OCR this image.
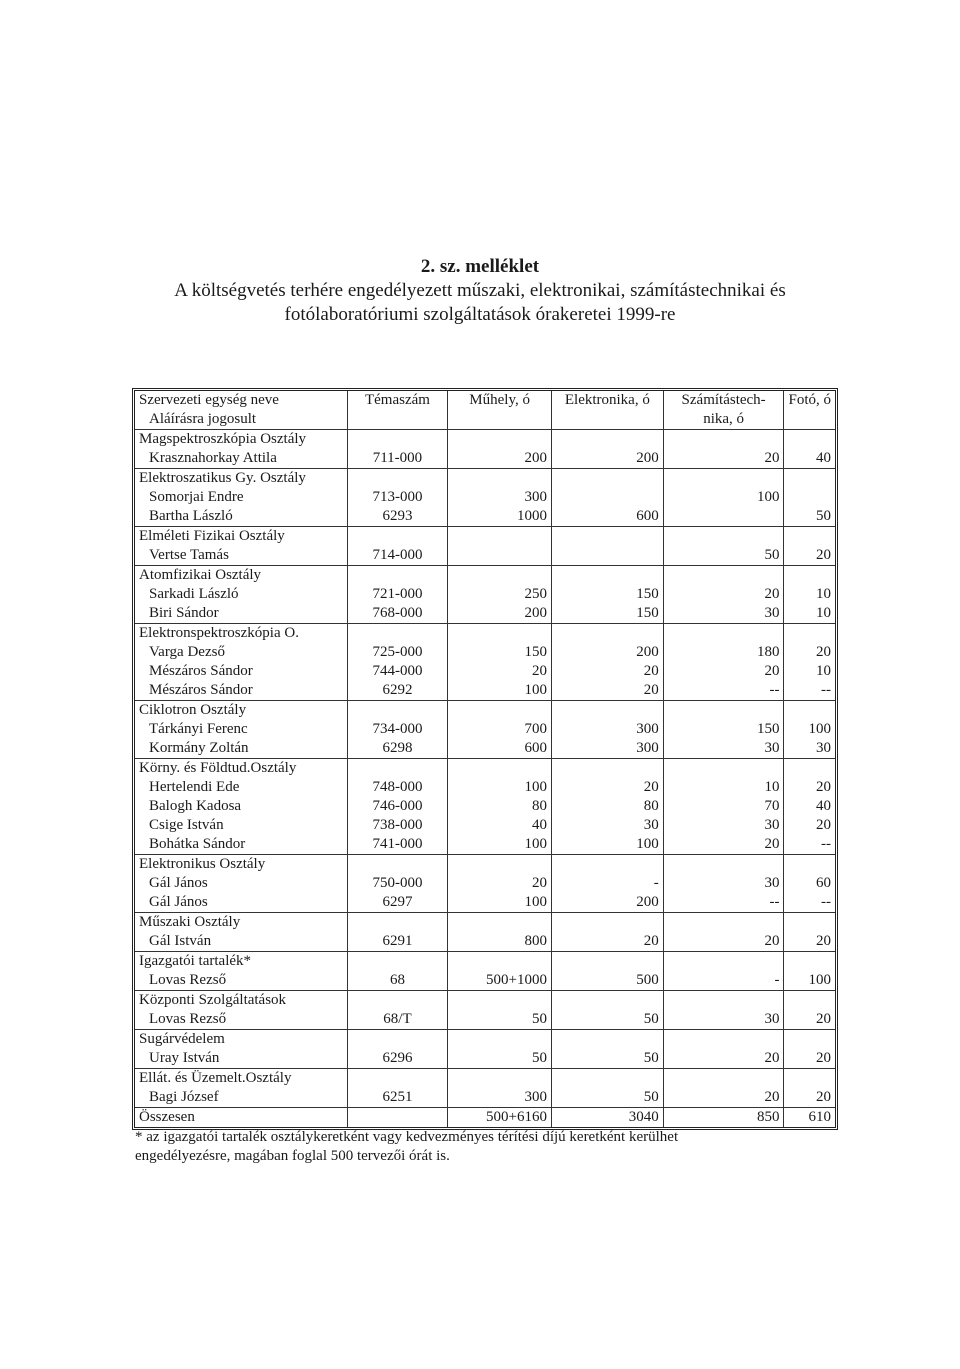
2. sz. melléklet

A költségvetés terhére engedélyezett műszaki, elektronikai, számítástechnikai és

fotólaboratóriumi szolgáltatások órakeretei 1999-re

Szervezeti egység neve	Témaszám	Műhely, ó	Elektronika, ó	Számítástech-	Fotó, ó
Aláírásra jogosult				nika, ó	
Magspektroszkópia Osztály					
Krasznahorkay Attila	711-000	200	200	20	40
Elektroszatikus Gy. Osztály					
Somorjai Endre	713-000	300		100	
Bartha László	6293	1000	600		50
Elméleti Fizikai Osztály					
Vertse Tamás	714-000			50	20
Atomfizikai Osztály					
Sarkadi László	721-000	250	150	20	10
Biri Sándor	768-000	200	150	30	10
Elektronspektroszkópia O.					
Varga Dezső	725-000	150	200	180	20
Mészáros Sándor	744-000	20	20	20	10
Mészáros Sándor	6292	100	20	--	--
Ciklotron Osztály					
Tárkányi Ferenc	734-000	700	300	150	100
Kormány Zoltán	6298	600	300	30	30
Körny. és Földtud.Osztály					
Hertelendi Ede	748-000	100	20	10	20
Balogh Kadosa	746-000	80	80	70	40
Csige István	738-000	40	30	30	20
Bohátka Sándor	741-000	100	100	20	--
Elektronikus Osztály					
Gál János	750-000	20	-	30	60
Gál János	6297	100	200	--	--
Műszaki Osztály					
Gál István	6291	800	20	20	20
Igazgatói tartalék*					
Lovas Rezső	68	500+1000	500	-	100
Központi Szolgáltatások					
Lovas Rezső	68/T	50	50	30	20
Sugárvédelem					
Uray István	6296	50	50	20	20
Ellát. és Üzemelt.Osztály					
Bagi József	6251	300	50	20	20
Összesen		500+6160	3040	850	610
* az igazgatói tartalék osztálykeretként vagy kedvezményes térítési díjú keretként kerülhet
engedélyezésre, magában foglal 500 tervezői órát is.
